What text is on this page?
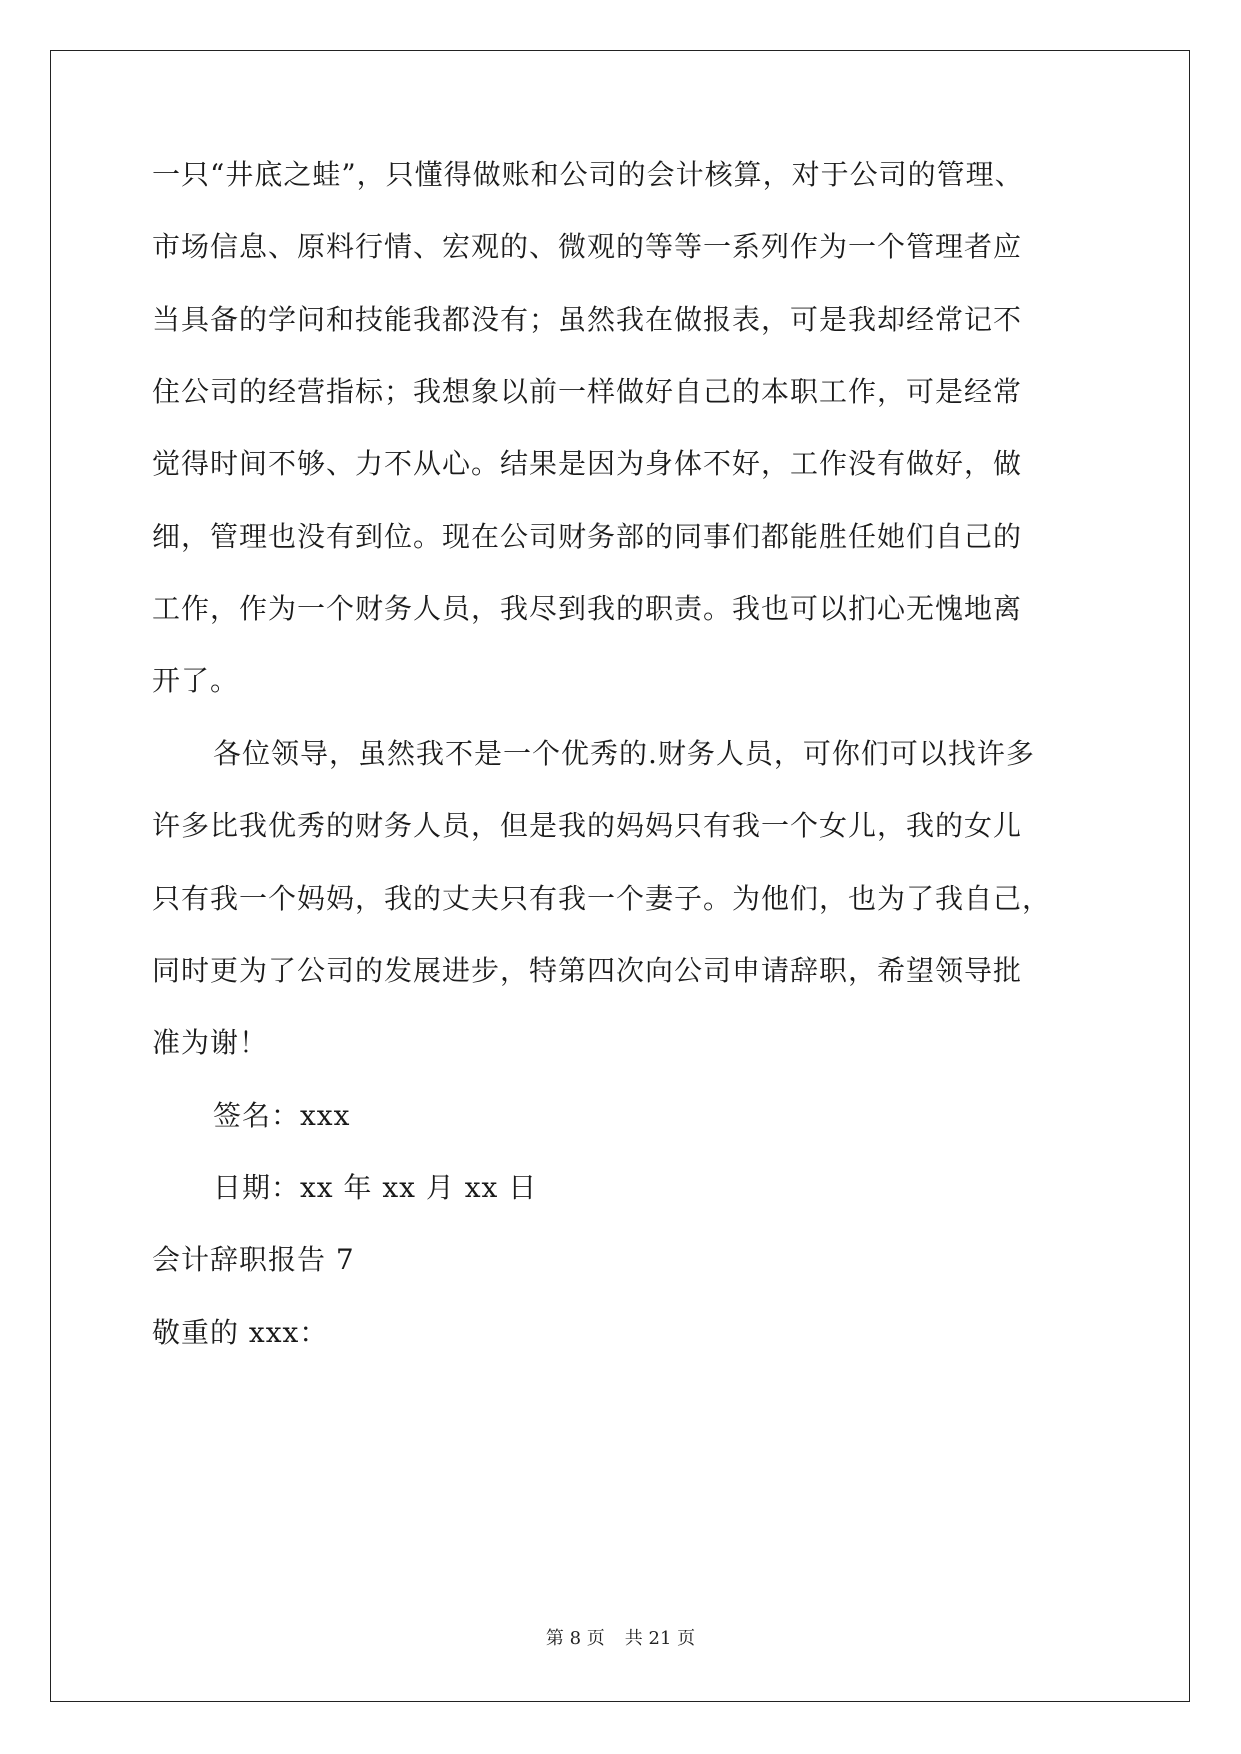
一只“井底之蛙”，只懂得做账和公司的会计核算，对于公司的管理、
市场信息、原料行情、宏观的、微观的等等一系列作为一个管理者应
当具备的学问和技能我都没有；虽然我在做报表，可是我却经常记不
住公司的经营指标；我想象以前一样做好自己的本职工作，可是经常
觉得时间不够、力不从心。结果是因为身体不好，工作没有做好，做
细，管理也没有到位。现在公司财务部的同事们都能胜任她们自己的
工作，作为一个财务人员，我尽到我的职责。我也可以扪心无愧地离
开了。
各位领导，虽然我不是一个优秀的.财务人员，可你们可以找许多
许多比我优秀的财务人员，但是我的妈妈只有我一个女儿，我的女儿
只有我一个妈妈，我的丈夫只有我一个妻子。为他们，也为了我自己，
同时更为了公司的发展进步，特第四次向公司申请辞职，希望领导批
准为谢！
签名：xxx
日期：xx 年 xx 月 xx 日
会计辞职报告 7
敬重的 xxx：
第 8 页 共 21 页
